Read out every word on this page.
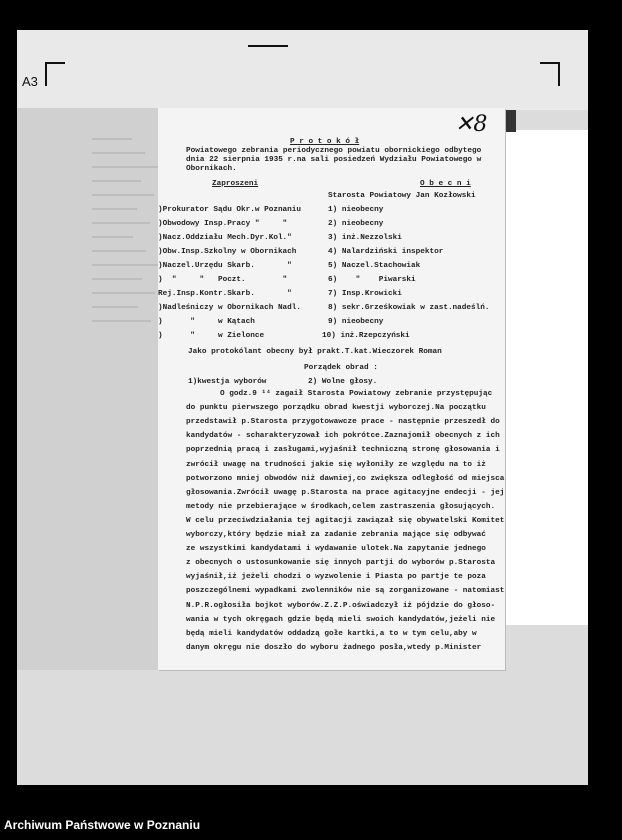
A3
P r o t o k ó ł
Powiatowego zebrania periodycznego powiatu obornickiego odbytego
dnia 22 sierpnia 1935 r.na sali posiedzeń Wydziału Powiatowego w
Obornikach.
Zaproszeni	O b e c n i
Starosta Powiatowy Jan Kozłowski
)Prokurator Sądu Okr.w Poznaniu	1) nieobecny
)Obwodowy Insp.Pracy "     "	2) nieobecny
)Nacz.Oddziału Mech.Dyr.Kol."	3) inż.Nezzolski
)Obw.Insp.Szkolny w Obornikach	4) Nalardziński inspektor
)Naczel.Urzędu Skarb.       "	5) Naczel.Stachowiak
)  "     "   Poczt.        "	6)    "    Piwarski
Rej.Insp.Kontr.Skarb.       "	7) Insp.Krowicki
)Nadleśniczy w Obornikach Nadl.	8) sekr.Grześkowiak w zast.nadeślń.
)      "     w Kątach	9) nieobecny
)      "     w Zielonce	10) inż.Rzepczyński
Jako protokólant obecny był prakt.T.kat.Wieczorek Roman
Porządek obrad :
1)kwestja wyborów	2) Wolne głosy.
O godz.9 ¹⁴ zagaił Starosta Powiatowy zebranie przystępując
do punktu pierwszego porządku obrad kwestji wyborczej.Na początku
przedstawił p.Starosta przygotowawcze prace - następnie przeszedł do
kandydatów - scharakteryzował ich pokrótce.Zaznajomił obecnych z ich
poprzednią pracą i zasługami,wyjaśnił techniczną stronę głosowania i
zwrócił uwagę na trudności jakie się wyłoniły ze względu na to iż
potworzono mniej obwodów niż dawniej,co zwiększa odległość od miejsca
głosowania.Zwrócił uwagę p.Starosta na prace agitacyjne endecji - jej
metody nie przebierające w środkach,celem zastraszenia głosujących.
W celu przeciwdziałania tej agitacji zawiązał się obywatelski Komitet
wyborczy,który będzie miał za zadanie zebrania mające się odbywać
ze wszystkimi kandydatami i wydawanie ulotek.Na zapytanie jednego
z obecnych o ustosunkowanie się innych partji do wyborów p.Starosta
wyjaśnił,iż jeżeli chodzi o wyzwolenie i Piasta po partje te poza
poszczególnemi wypadkami zwolenników nie są zorganizowane - natomiast
N.P.R.ogłosiła bojkot wyborów.Z.Z.P.oświadczył iż pójdzie do głoso-
wania w tych okręgach gdzie będą mieli swoich kandydatów,jeżeli nie
będą mieli kandydatów oddadzą gołe kartki,a to w tym celu,aby w
danym okręgu nie doszło do wyboru żadnego posła,wtedy p.Minister
✕8
Archiwum Państwowe w Poznaniu
